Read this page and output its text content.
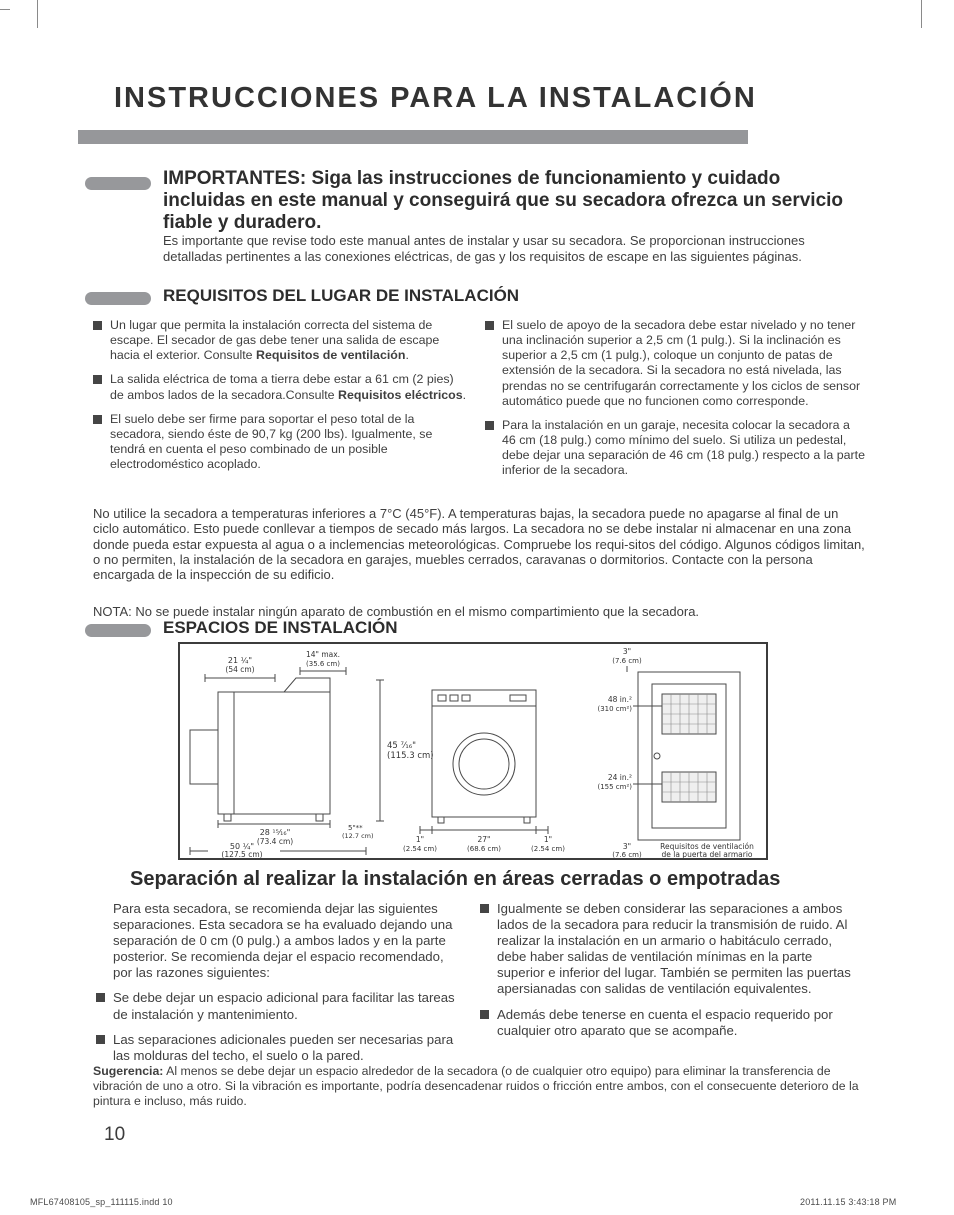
INSTRUCCIONES PARA LA INSTALACIÓN
IMPORTANTES: Siga las instrucciones de funcionamiento y cuidado incluidas en este manual y conseguirá que su secadora ofrezca un servicio fiable y duradero.

Es importante que revise todo este manual antes de instalar y usar su secadora. Se proporcionan instrucciones detalladas pertinentes a las conexiones eléctricas, de gas y los requisitos de escape en las siguientes páginas.

REQUISITOS DEL LUGAR DE INSTALACIÓN

Un lugar que permita la instalación correcta del sistema de escape. El secador de gas debe tener una salida de escape hacia el exterior. Consulte Requisitos de ventilación.

La salida eléctrica de toma a tierra debe estar a 61 cm (2 pies) de ambos lados de la secadora.Consulte Requisitos eléctricos.

El suelo debe ser firme para soportar el peso total de la secadora, siendo éste de 90,7 kg (200 lbs). Igualmente, se tendrá en cuenta el peso combinado de un posible electrodoméstico acoplado.

El suelo de apoyo de la secadora debe estar nivelado y no tener una inclinación superior a 2,5 cm (1 pulg.). Si la inclinación es superior a 2,5 cm (1 pulg.), coloque un conjunto de patas de extensión de la secadora. Si la secadora no está nivelada, las prendas no se centrifugarán correctamente y los ciclos de sensor automático puede que no funcionen como corresponde.

Para la instalación en un garaje, necesita colocar la secadora a 46 cm (18 pulg.) como mínimo del suelo. Si utiliza un pedestal, debe dejar una separación de 46 cm (18 pulg.) respecto a la parte inferior de la secadora.

No utilice la secadora a temperaturas inferiores a 7°C (45°F). A temperaturas bajas, la secadora puede no apagarse al final de un ciclo automático. Esto puede conllevar a tiempos de secado más largos. La secadora no se debe instalar ni almacenar en una zona donde pueda estar expuesta al agua o a inclemencias meteorológicas. Compruebe los requi-sitos del código. Algunos códigos limitan, o no permiten, la instalación de la secadora en garajes, muebles cerrados, caravanas o dormitorios. Contacte con la persona encargada de la inspección de su edificio.

NOTA: No se puede instalar ningún aparato de combustión en el mismo compartimiento que la secadora.

ESPACIOS DE INSTALACIÓN
14" max.
(35.6 cm)
21 ¼"
(54 cm)
45 ⁷⁄₁₆"
(115.3 cm)
28 ¹⁵⁄₁₆"
(73.4 cm)
50 ¼"
(127.5 cm)
5"**
(12.7 cm)	1"
(2.54 cm)
27"
(68.6 cm)
1"
(2.54 cm)
3"
(7.6 cm)
48 in.²
(310 cm²)
24 in.²
(155 cm²)
3"
(7.6 cm)
Requisitos de ventilación
de la puerta del armario
Separación al realizar la instalación en áreas cerradas o empotradas

Para esta secadora, se recomienda dejar las siguientes separaciones. Esta secadora se ha evaluado dejando una separación de 0 cm (0 pulg.) a ambos lados y en la parte posterior. Se recomienda dejar el espacio recomendado, por las razones siguientes:

Se debe dejar un espacio adicional para facilitar las tareas de instalación y mantenimiento.

Las separaciones adicionales pueden ser necesarias para las molduras del techo, el suelo o la pared.

Igualmente se deben considerar las separaciones a ambos lados de la secadora para reducir la transmisión de ruido. Al realizar la instalación en un armario o habitáculo cerrado, debe haber salidas de ventilación mínimas en la parte superior e inferior del lugar. También se permiten las puertas apersianadas con salidas de ventilación equivalentes.

Además debe tenerse en cuenta el espacio requerido por cualquier otro aparato que se acompañe.

Sugerencia: Al menos se debe dejar un espacio alrededor de la secadora (o de cualquier otro equipo) para eliminar la transferencia de vibración de uno a otro. Si la vibración es importante, podría desencadenar ruidos o fricción entre ambos, con el consecuente deterioro de la pintura e incluso, más ruido.

10
MFL67408105_sp_111115.indd 10	2011.11.15 3:43:18 PM
